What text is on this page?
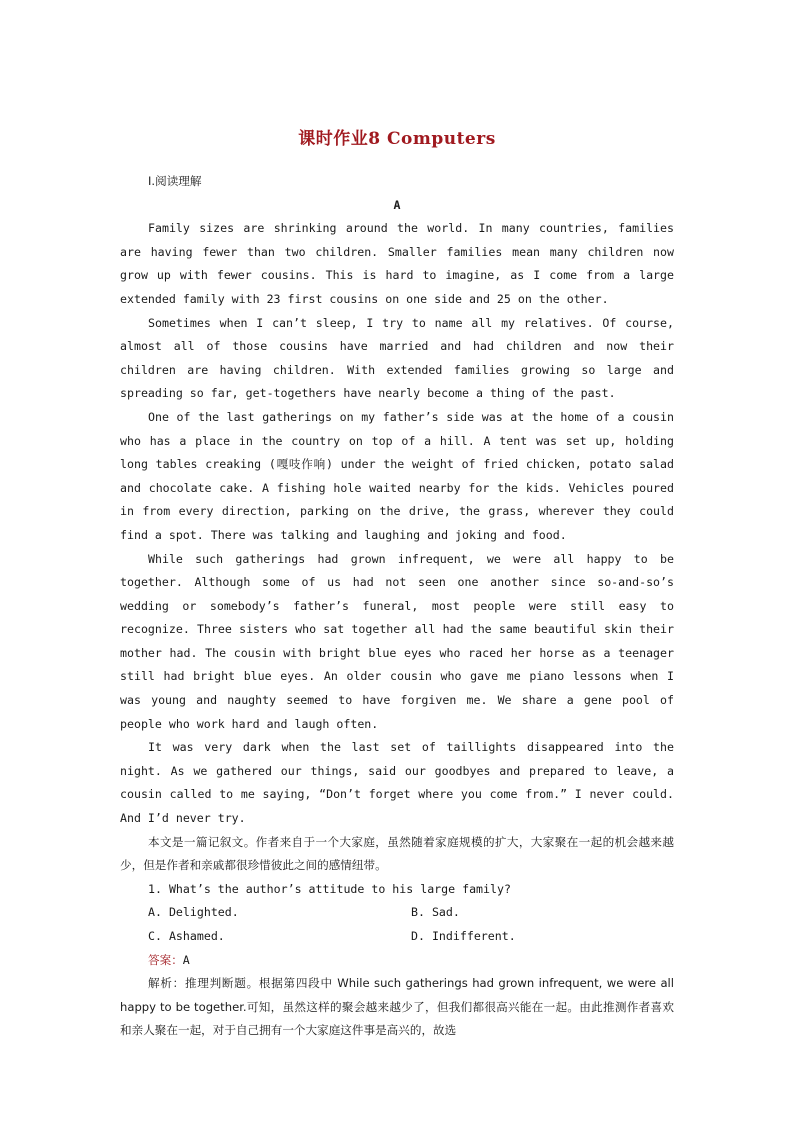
课时作业8 Computers
Ⅰ.阅读理解
A

Family sizes are shrinking around the world. In many countries, families are having fewer than two children. Smaller families mean many children now grow up with fewer cousins. This is hard to imagine, as I come from a large extended family with 23 first cousins on one side and 25 on the other.

Sometimes when I can’t sleep, I try to name all my relatives. Of course, almost all of those cousins have married and had children and now their children are having children. With extended families growing so large and spreading so far, get-togethers have nearly become a thing of the past.

One of the last gatherings on my father’s side was at the home of a cousin who has a place in the country on top of a hill. A tent was set up, holding long tables creaking (嘎吱作响) under the weight of fried chicken, potato salad and chocolate cake. A fishing hole waited nearby for the kids. Vehicles poured in from every direction, parking on the drive, the grass, wherever they could find a spot. There was talking and laughing and joking and food.

While such gatherings had grown infrequent, we were all happy to be together. Although some of us had not seen one another since so-and-so’s wedding or somebody’s father’s funeral, most people were still easy to recognize. Three sisters who sat together all had the same beautiful skin their mother had. The cousin with bright blue eyes who raced her horse as a teenager still had bright blue eyes. An older cousin who gave me piano lessons when I was young and naughty seemed to have forgiven me. We share a gene pool of people who work hard and laugh often.

It was very dark when the last set of taillights disappeared into the night. As we gathered our things, said our goodbyes and prepared to leave, a cousin called to me saying, “Don’t forget where you come from.” I never could. And I’d never try.

本文是一篇记叙文。作者来自于一个大家庭，虽然随着家庭规模的扩大，大家聚在一起的机会越来越少，但是作者和亲戚都很珍惜彼此之间的感情纽带。

1. What’s the author’s attitude to his large family?
A. Delighted.	B. Sad.
C. Ashamed.	D. Indifferent.
答案：A

解析：推理判断题。根据第四段中 While such gatherings had grown infrequent, we were all happy to be together.可知，虽然这样的聚会越来越少了，但我们都很高兴能在一起。由此推测作者喜欢和亲人聚在一起，对于自己拥有一个大家庭这件事是高兴的，故选
